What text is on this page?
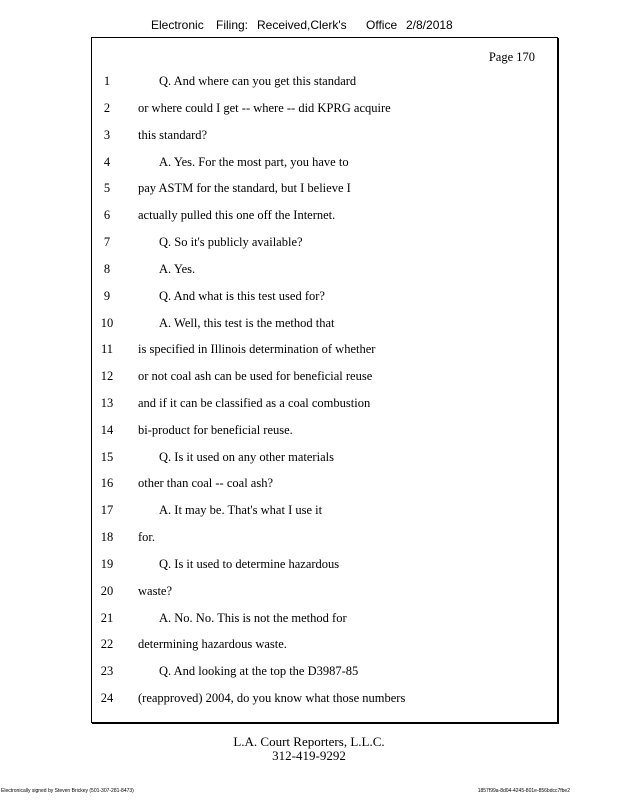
Electronic Filing: Received,Clerk's Office 2/8/2018
Page 170
1	Q. And where can you get this standard
2	or where could I get -- where -- did KPRG acquire
3	this standard?
4	A. Yes. For the most part, you have to
5	pay ASTM for the standard, but I believe I
6	actually pulled this one off the Internet.
7	Q. So it's publicly available?
8	A. Yes.
9	Q. And what is this test used for?
10	A. Well, this test is the method that
11	is specified in Illinois determination of whether
12	or not coal ash can be used for beneficial reuse
13	and if it can be classified as a coal combustion
14	bi-product for beneficial reuse.
15	Q. Is it used on any other materials
16	other than coal -- coal ash?
17	A. It may be. That's what I use it
18	for.
19	Q. Is it used to determine hazardous
20	waste?
21	A. No. No. This is not the method for
22	determining hazardous waste.
23	Q. And looking at the top the D3987-85
24	(reapproved) 2004, do you know what those numbers
L.A. Court Reporters, L.L.C.
312-419-9292
Electronically signed by Steven Brickey (501-307-281-8473)	1857f99a-8d04-4245-801e-856bdcc7fbe2
